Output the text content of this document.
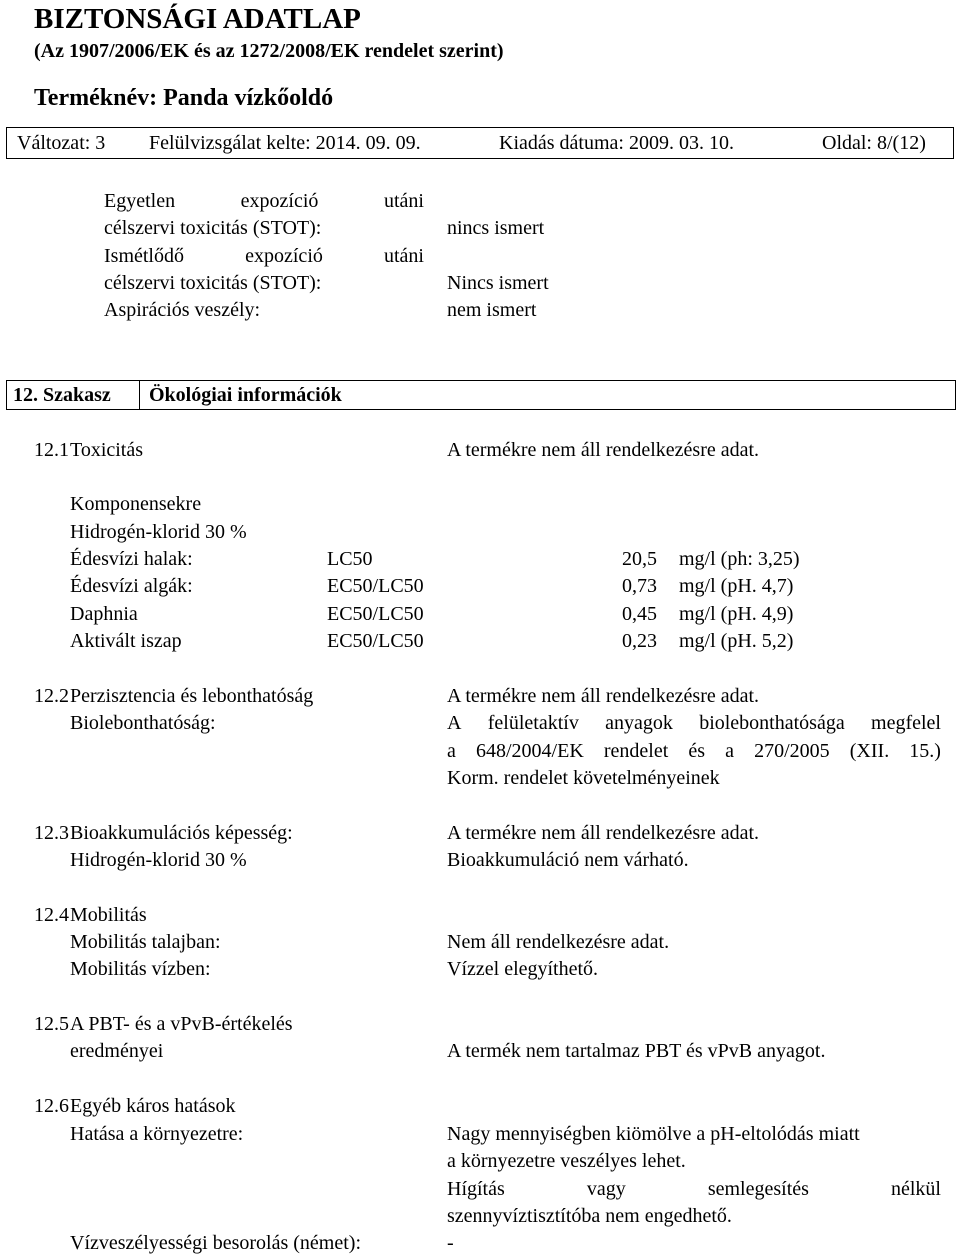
BIZTONSÁGI ADATLAP
(Az 1907/2006/EK és az 1272/2008/EK rendelet szerint)
Terméknév: Panda vízkőoldó
Változat: 3 Felülvizsgálat kelte: 2014. 09. 09.	Kiadás dátuma: 2009. 03. 10.	Oldal: 8/(12)
Egyetlen	expozíció	utáni
célszervi toxicitás (STOT):	nincs ismert
Ismétlődő	expozíció	utáni
célszervi toxicitás (STOT):	Nincs ismert
Aspirációs veszély:	nem ismert
12. Szakasz Ökológiai információk
12.1 Toxicitás	A termékre nem áll rendelkezésre adat.
Komponensekre
Hidrogén-klorid 30 %
Édesvízi halak:	LC50	20,5 mg/l (ph: 3,25)
Édesvízi algák:	EC50/LC50	0,73 mg/l (pH. 4,7)
Daphnia	EC50/LC50	0,45 mg/l (pH. 4,9)
Aktivált iszap	EC50/LC50	0,23 mg/l (pH. 5,2)
12.2 Perzisztencia és lebonthatóság	A termékre nem áll rendelkezésre adat.
Biolebonthatóság:	A felületaktív anyagok biolebonthatósága megfelel
a 648/2004/EK rendelet és a 270/2005 (XII. 15.)
Korm. rendelet követelményeinek
12.3 Bioakkumulációs képesség:	A termékre nem áll rendelkezésre adat.
Hidrogén-klorid 30 %	Bioakkumuláció nem várható.
12.4 Mobilitás
Mobilitás talajban:	Nem áll rendelkezésre adat.
Mobilitás vízben:	Vízzel elegyíthető.
12.5 A PBT- és a vPvB-értékelés
eredményei	A termék nem tartalmaz PBT és vPvB anyagot.
12.6 Egyéb káros hatások
Hatása a környezetre:	Nagy mennyiségben kiömölve a pH-eltolódás miatt
a környezetre veszélyes lehet.
Hígítás	vagy	semlegesítés	nélkül
szennyvíztisztítóba nem engedhető.
Vízveszélyességi besorolás (német):	-
